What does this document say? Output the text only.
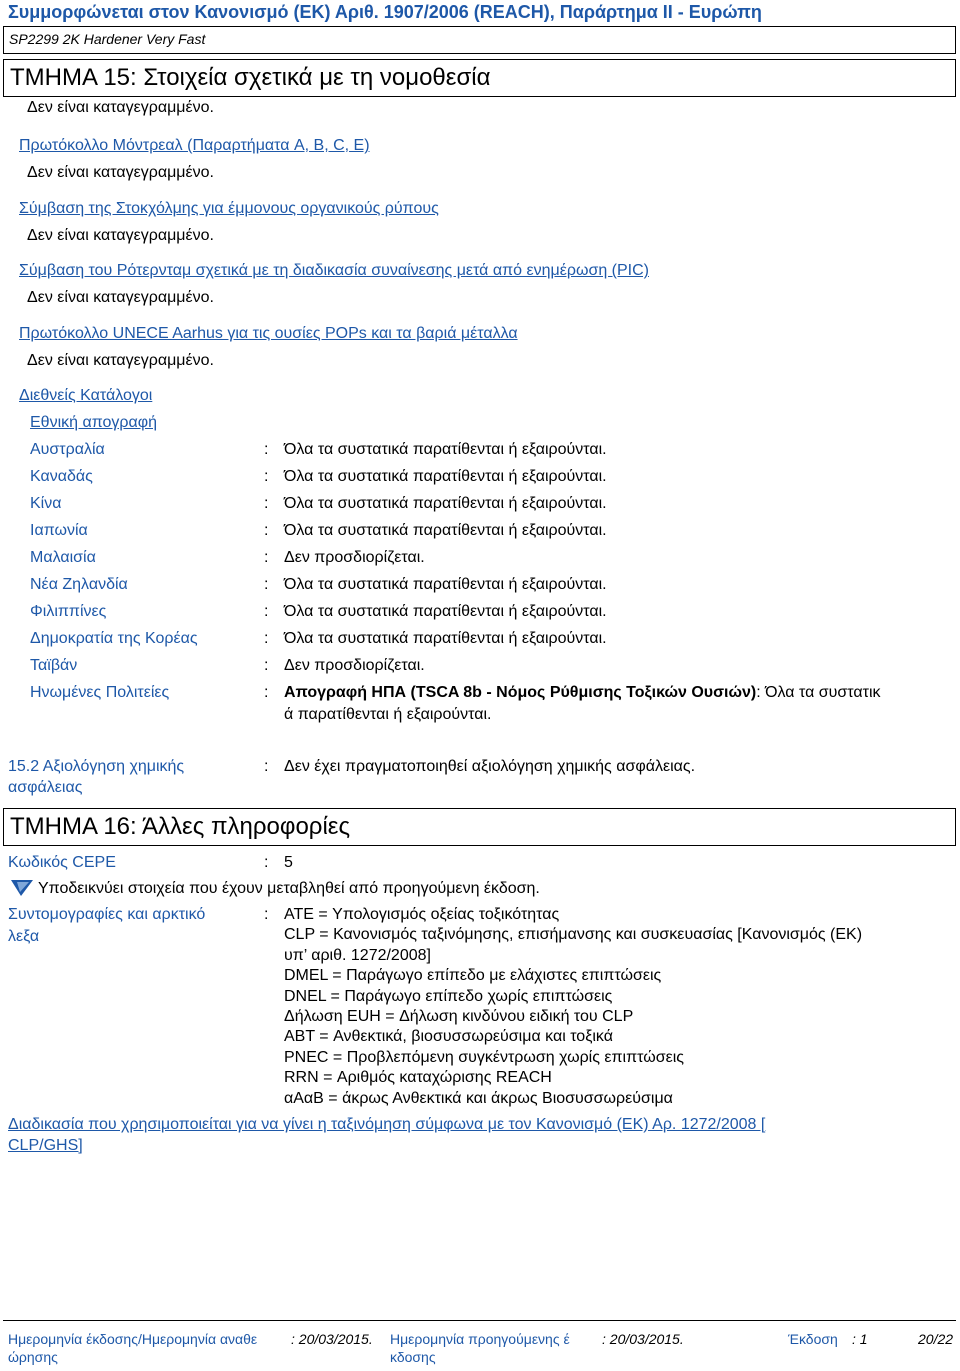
Συμμορφώνεται στον Κανονισμό (ΕΚ) Αριθ. 1907/2006 (REACH), Παράρτημα II - Ευρώπη
SP2299 2K Hardener Very Fast
ΤΜΗΜΑ 15: Στοιχεία σχετικά με τη νομοθεσία
Δεν είναι καταγεγραμμένο.
Πρωτόκολλο Μόντρεαλ (Παραρτήματα A, B, C, E)
Δεν είναι καταγεγραμμένο.
Σύμβαση της Στοκχόλμης για έμμονους οργανικούς ρύπους
Δεν είναι καταγεγραμμένο.
Σύμβαση του Ρότερνταμ σχετικά με τη διαδικασία συναίνεσης μετά από ενημέρωση (PIC)
Δεν είναι καταγεγραμμένο.
Πρωτόκολλο UNECE Aarhus για τις ουσίες POPs και τα βαριά μέταλλα
Δεν είναι καταγεγραμμένο.
Διεθνείς Κατάλογοι
Εθνική απογραφή
Αυστραλία	: Όλα τα συστατικά παρατίθενται ή εξαιρούνται.
Καναδάς	: Όλα τα συστατικά παρατίθενται ή εξαιρούνται.
Κίνα	: Όλα τα συστατικά παρατίθενται ή εξαιρούνται.
Ιαπωνία	: Όλα τα συστατικά παρατίθενται ή εξαιρούνται.
Μαλαισία	: Δεν προσδιορίζεται.
Νέα Ζηλανδία	: Όλα τα συστατικά παρατίθενται ή εξαιρούνται.
Φιλιππίνες	: Όλα τα συστατικά παρατίθενται ή εξαιρούνται.
Δημοκρατία της Κορέας	: Όλα τα συστατικά παρατίθενται ή εξαιρούνται.
Ταϊβάν	: Δεν προσδιορίζεται.
Ηνωμένες Πολιτείες	: Απογραφή ΗΠΑ (TSCA 8b - Νόμος Ρύθμισης Τοξικών Ουσιών): Όλα τα συστατικ
ά παρατίθενται ή εξαιρούνται.
15.2 Αξιολόγηση χημικής
ασφάλειας
: Δεν έχει πραγματοποιηθεί αξιολόγηση χημικής ασφάλειας.
ΤΜΗΜΑ 16: Άλλες πληροφορίες
Κωδικός CEPE	: 5
Υποδεικνύει στοιχεία που έχουν μεταβληθεί από προηγούμενη έκδοση.
Συντομογραφίες και αρκτικό
λεξα
: ATE = Υπολογισμός οξείας τοξικότητας
CLP = Κανονισμός ταξινόμησης, επισήμανσης και συσκευασίας [Κανονισμός (ΕΚ)
υπ’ αριθ. 1272/2008]
DMEL = Παράγωγο επίπεδο με ελάχιστες επιπτώσεις
DNEL = Παράγωγο επίπεδο χωρίς επιπτώσεις
Δήλωση EUH = Δήλωση κινδύνου ειδική του CLP
ABT = Ανθεκτικά, βιοσυσσωρεύσιμα και τοξικά
PNEC = Προβλεπόμενη συγκέντρωση χωρίς επιπτώσεις
RRN = Αριθμός καταχώρισης REACH
αΑαΒ = άκρως Ανθεκτικά και άκρως Βιοσυσσωρεύσιμα
Διαδικασία που χρησιμοποιείται για να γίνει η ταξινόμηση σύμφωνα με τον Κανονισμό (ΕΚ) Αρ. 1272/2008 [
CLP/GHS]
Ημερομηνία έκδοσης/Ημερομηνία αναθε
ώρησης
: 20/03/2015. Ημερομηνία προηγούμενης έ
κδοσης
: 20/03/2015.	Έκδοση : 1	20/22
